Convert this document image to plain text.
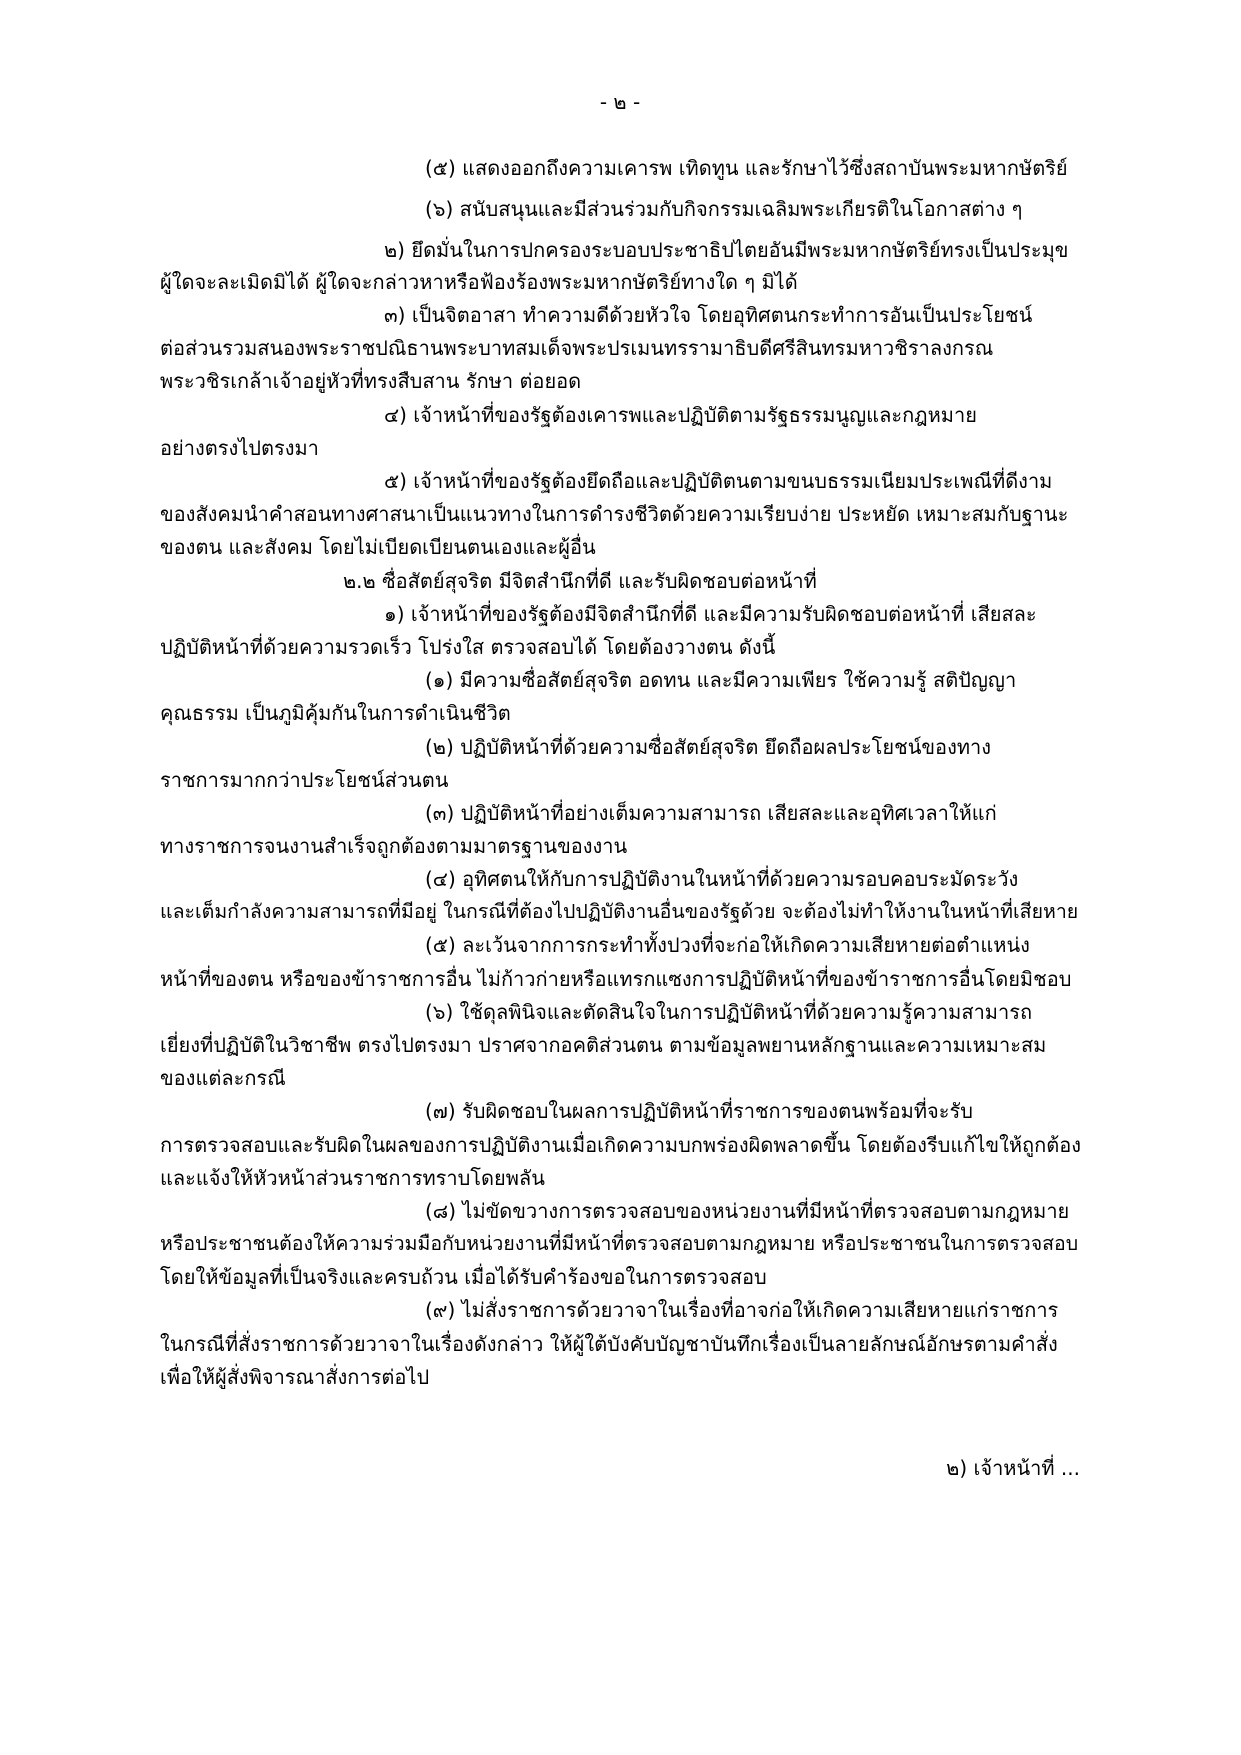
- ๒ -
(๕) แสดงออกถึงความเคารพ เทิดทูน และรักษาไว้ซึ่งสถาบันพระมหากษัตริย์
(๖) สนับสนุนและมีส่วนร่วมกับกิจกรรมเฉลิมพระเกียรติในโอกาสต่าง ๆ
๒) ยึดมั่นในการปกครองระบอบประชาธิปไตยอันมีพระมหากษัตริย์ทรงเป็นประมุข
ผู้ใดจะละเมิดมิได้ ผู้ใดจะกล่าวหาหรือฟ้องร้องพระมหากษัตริย์ทางใด ๆ มิได้
๓) เป็นจิตอาสา ทำความดีด้วยหัวใจ โดยอุทิศตนกระทำการอันเป็นประโยชน์
ต่อส่วนรวมสนองพระราชปณิธานพระบาทสมเด็จพระปรเมนทรรามาธิบดีศรีสินทรมหาวชิราลงกรณ
พระวชิรเกล้าเจ้าอยู่หัวที่ทรงสืบสาน รักษา ต่อยอด
๔) เจ้าหน้าที่ของรัฐต้องเคารพและปฏิบัติตามรัฐธรรมนูญและกฎหมาย
อย่างตรงไปตรงมา
๕) เจ้าหน้าที่ของรัฐต้องยึดถือและปฏิบัติตนตามขนบธรรมเนียมประเพณีที่ดีงาม
ของสังคมนำคำสอนทางศาสนาเป็นแนวทางในการดำรงชีวิตด้วยความเรียบง่าย ประหยัด เหมาะสมกับฐานะ
ของตน และสังคม โดยไม่เบียดเบียนตนเองและผู้อื่น
๒.๒ ซื่อสัตย์สุจริต มีจิตสำนึกที่ดี และรับผิดชอบต่อหน้าที่
๑) เจ้าหน้าที่ของรัฐต้องมีจิตสำนึกที่ดี และมีความรับผิดชอบต่อหน้าที่ เสียสละ
ปฏิบัติหน้าที่ด้วยความรวดเร็ว โปร่งใส ตรวจสอบได้ โดยต้องวางตน ดังนี้
(๑) มีความซื่อสัตย์สุจริต อดทน และมีความเพียร ใช้ความรู้ สติปัญญา
คุณธรรม เป็นภูมิคุ้มกันในการดำเนินชีวิต
(๒) ปฏิบัติหน้าที่ด้วยความซื่อสัตย์สุจริต ยึดถือผลประโยชน์ของทาง
ราชการมากกว่าประโยชน์ส่วนตน
(๓) ปฏิบัติหน้าที่อย่างเต็มความสามารถ เสียสละและอุทิศเวลาให้แก่
ทางราชการจนงานสำเร็จถูกต้องตามมาตรฐานของงาน
(๔) อุทิศตนให้กับการปฏิบัติงานในหน้าที่ด้วยความรอบคอบระมัดระวัง
และเต็มกำลังความสามารถที่มีอยู่ ในกรณีที่ต้องไปปฏิบัติงานอื่นของรัฐด้วย จะต้องไม่ทำให้งานในหน้าที่เสียหาย
(๕) ละเว้นจากการกระทำทั้งปวงที่จะก่อให้เกิดความเสียหายต่อตำแหน่ง
หน้าที่ของตน หรือของข้าราชการอื่น ไม่ก้าวก่ายหรือแทรกแซงการปฏิบัติหน้าที่ของข้าราชการอื่นโดยมิชอบ
(๖) ใช้ดุลพินิจและตัดสินใจในการปฏิบัติหน้าที่ด้วยความรู้ความสามารถ
เยี่ยงที่ปฏิบัติในวิชาชีพ ตรงไปตรงมา ปราศจากอคติส่วนตน ตามข้อมูลพยานหลักฐานและความเหมาะสม
ของแต่ละกรณี
(๗) รับผิดชอบในผลการปฏิบัติหน้าที่ราชการของตนพร้อมที่จะรับ
การตรวจสอบและรับผิดในผลของการปฏิบัติงานเมื่อเกิดความบกพร่องผิดพลาดขึ้น โดยต้องรีบแก้ไขให้ถูกต้อง
และแจ้งให้หัวหน้าส่วนราชการทราบโดยพลัน
(๘) ไม่ขัดขวางการตรวจสอบของหน่วยงานที่มีหน้าที่ตรวจสอบตามกฎหมาย
หรือประชาชนต้องให้ความร่วมมือกับหน่วยงานที่มีหน้าที่ตรวจสอบตามกฎหมาย หรือประชาชนในการตรวจสอบ
โดยให้ข้อมูลที่เป็นจริงและครบถ้วน เมื่อได้รับคำร้องขอในการตรวจสอบ
(๙) ไม่สั่งราชการด้วยวาจาในเรื่องที่อาจก่อให้เกิดความเสียหายแก่ราชการ
ในกรณีที่สั่งราชการด้วยวาจาในเรื่องดังกล่าว ให้ผู้ใต้บังคับบัญชาบันทึกเรื่องเป็นลายลักษณ์อักษรตามคำสั่ง
เพื่อให้ผู้สั่งพิจารณาสั่งการต่อไป
๒) เจ้าหน้าที่ ...
